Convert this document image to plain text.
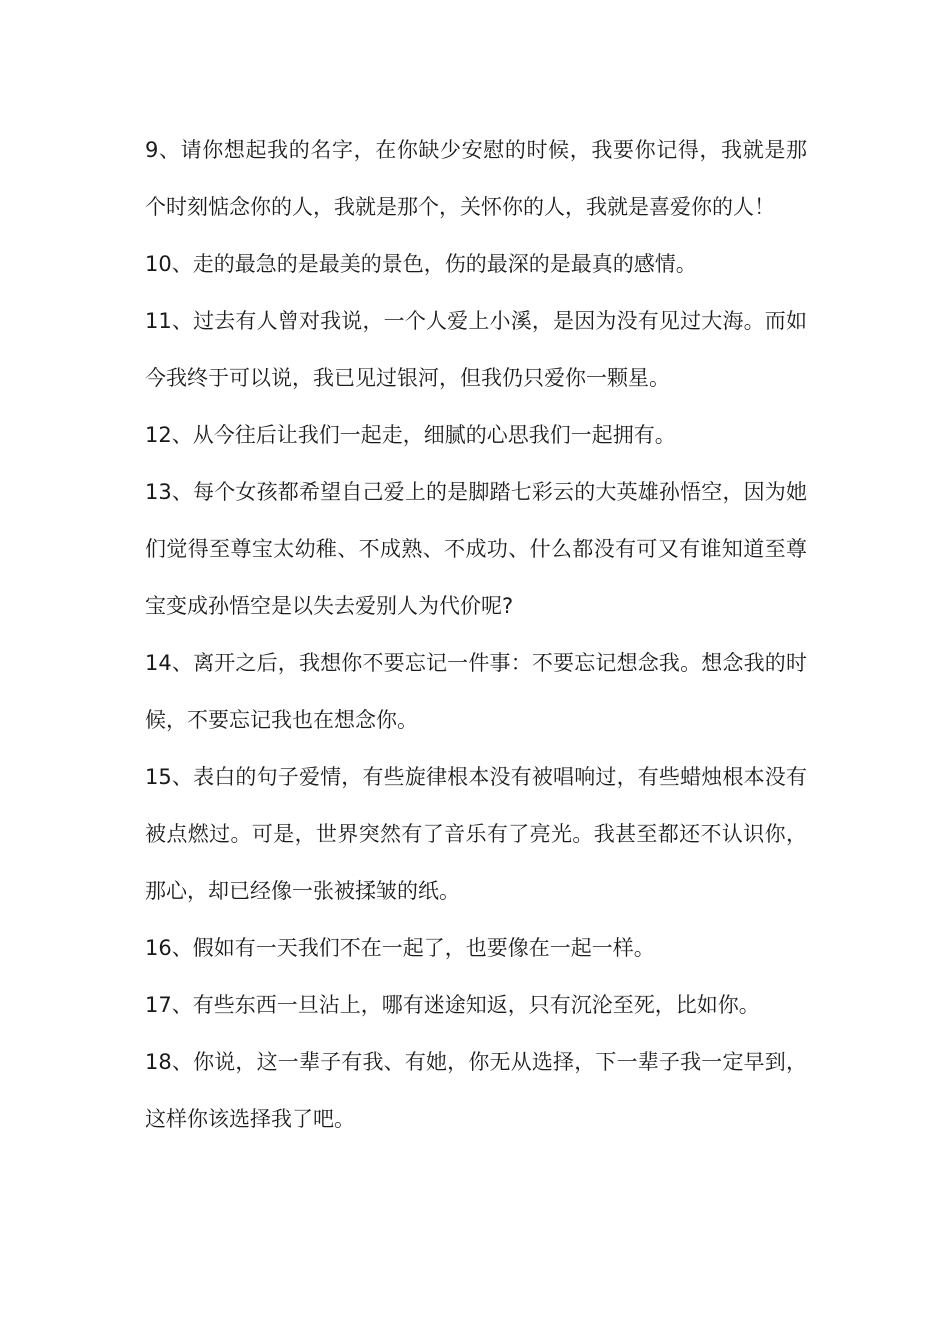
9、请你想起我的名字，在你缺少安慰的时候，我要你记得，我就是那个时刻惦念你的人，我就是那个，关怀你的人，我就是喜爱你的人！

10、走的最急的是最美的景色，伤的最深的是最真的感情。

11、过去有人曾对我说，一个人爱上小溪，是因为没有见过大海。而如今我终于可以说，我已见过银河，但我仍只爱你一颗星。

12、从今往后让我们一起走，细腻的心思我们一起拥有。

13、每个女孩都希望自己爱上的是脚踏七彩云的大英雄孙悟空，因为她们觉得至尊宝太幼稚、不成熟、不成功、什么都没有可又有谁知道至尊宝变成孙悟空是以失去爱别人为代价呢?

14、离开之后，我想你不要忘记一件事：不要忘记想念我。想念我的时候，不要忘记我也在想念你。

15、表白的句子爱情，有些旋律根本没有被唱响过，有些蜡烛根本没有被点燃过。可是，世界突然有了音乐有了亮光。我甚至都还不认识你，那心，却已经像一张被揉皱的纸。

16、假如有一天我们不在一起了，也要像在一起一样。

17、有些东西一旦沾上，哪有迷途知返，只有沉沦至死，比如你。

18、你说，这一辈子有我、有她，你无从选择，下一辈子我一定早到，这样你该选择我了吧。
